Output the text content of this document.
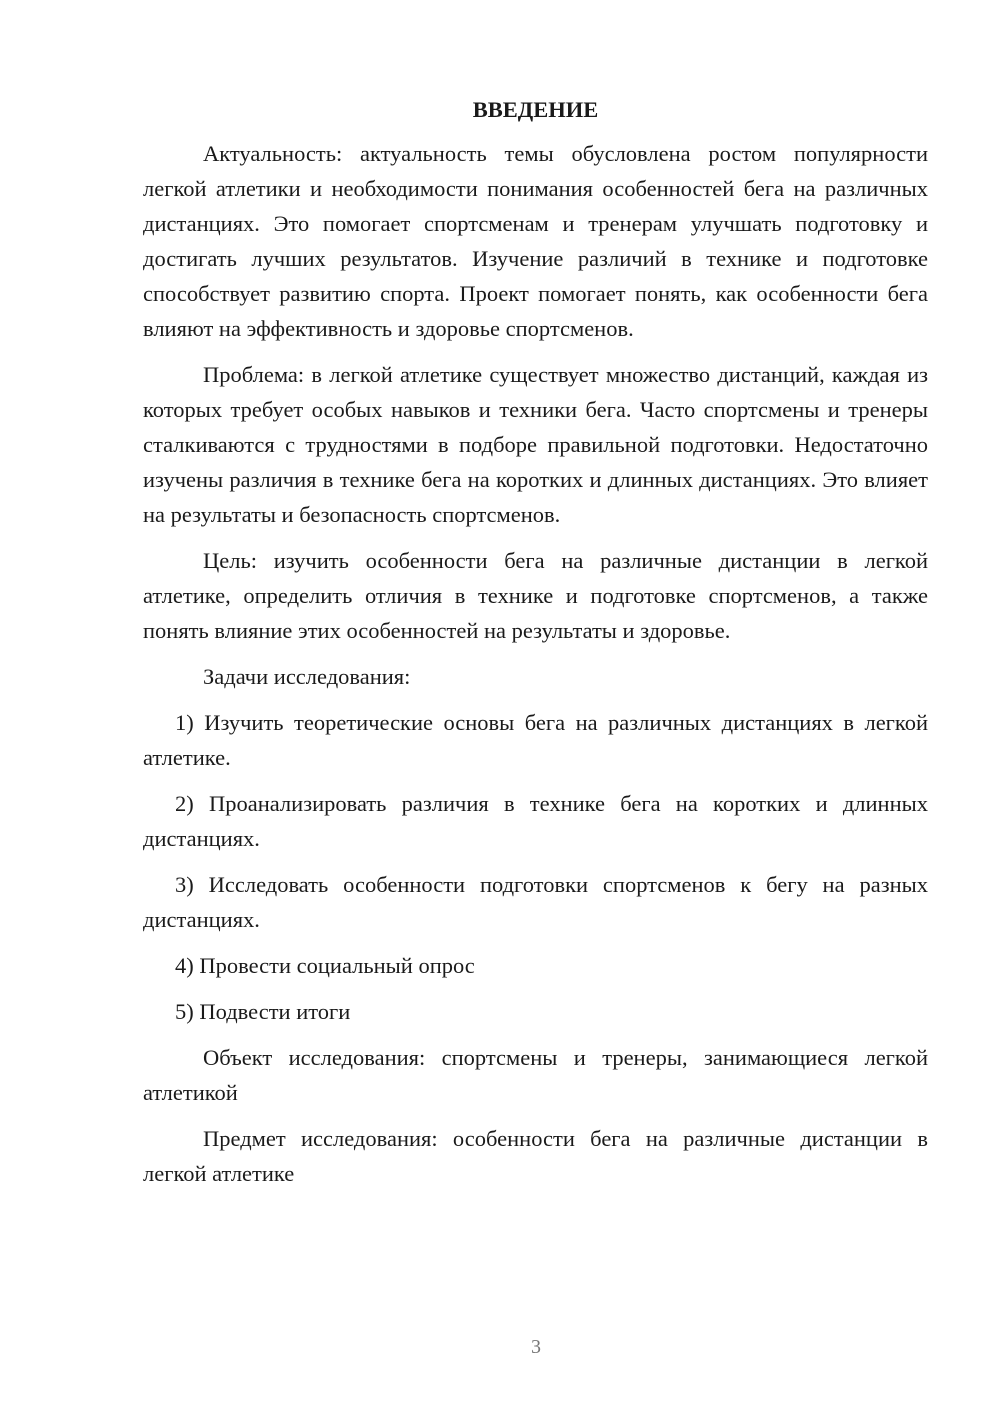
ВВЕДЕНИЕ

Актуальность: актуальность темы обусловлена ростом популярности легкой атлетики и необходимости понимания особенностей бега на различных дистанциях. Это помогает спортсменам и тренерам улучшать подготовку и достигать лучших результатов. Изучение различий в технике и подготовке способствует развитию спорта. Проект помогает понять, как особенности бега влияют на эффективность и здоровье спортсменов.

Проблема: в легкой атлетике существует множество дистанций, каждая из которых требует особых навыков и техники бега. Часто спортсмены и тренеры сталкиваются с трудностями в подборе правильной подготовки. Недостаточно изучены различия в технике бега на коротких и длинных дистанциях. Это влияет на результаты и безопасность спортсменов.

Цель: изучить особенности бега на различные дистанции в легкой атлетике, определить отличия в технике и подготовке спортсменов, а также понять влияние этих особенностей на результаты и здоровье.

Задачи исследования:

1) Изучить теоретические основы бега на различных дистанциях в легкой атлетике.

2) Проанализировать различия в технике бега на коротких и длинных дистанциях.

3) Исследовать особенности подготовки спортсменов к бегу на разных дистанциях.

4) Провести социальный опрос

5) Подвести итоги

Объект исследования: спортсмены и тренеры, занимающиеся легкой атлетикой

Предмет исследования: особенности бега на различные дистанции в легкой атлетике

3
